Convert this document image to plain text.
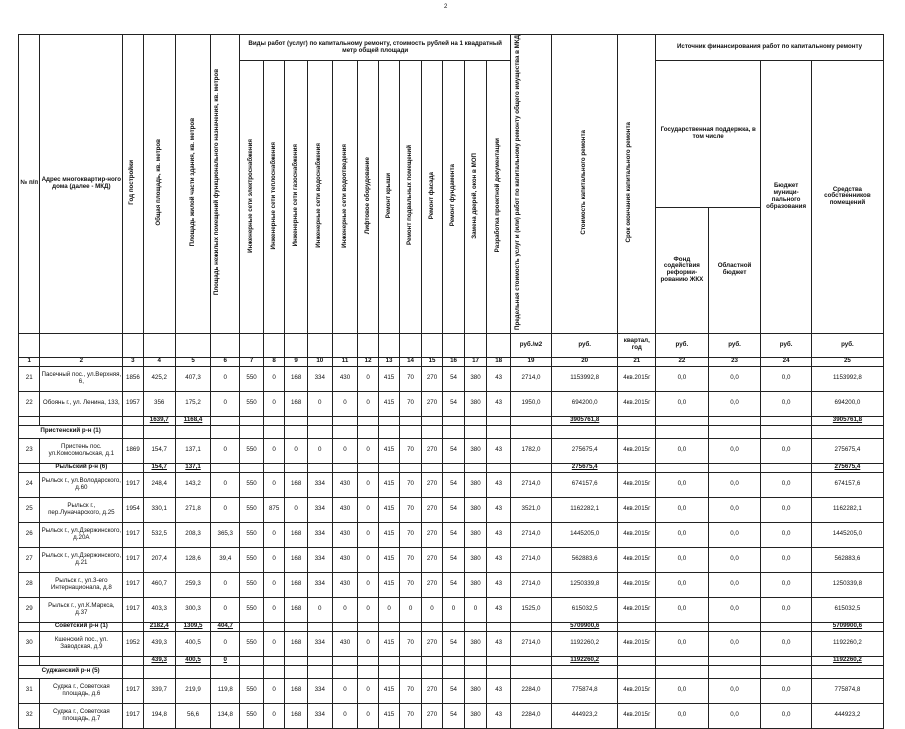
2
№ п/п	Адрес многоквартир-ного дома (далее - МКД)	Год постройки	Общая площадь, кв. метров	Площадь жилой части здания, кв. метров	Площадь нежилых помещений функционального назначения, кв. метров	Виды работ (услуг) по капитальному ремонту, стоимость рублей на 1 квадратный метр общей площади												Предельная стоимость услуг и (или) работ по капитальному ремонту общего имущества в МКД	Стоимость капитального ремонта	Срок окончания капитального ремонта	Источник финансирования работ по капитальному ремонту			
						Инженерные сети электроснабжения	Инженерные сети теплоснабжения	Инженерные сети газоснабжения	Инженерные сети водоснабжения	Инженерные сети водоотведения	Лифтовое оборудование	Ремонт крыши	Ремонт подвальных помещений	Ремонт фасада	Ремонт фундамента	Замена дверей, окон в МОП	Разработка проектной документации				Государственная поддержка, в том числе		Бюджет муници-пального образования	Средства собственников помещений
																					Фонд содействия реформи-рованию ЖКХ	Областной бюджет		
																		руб./м2	руб.	квартал, год	руб.	руб.	руб.	руб.
1	2	3	4	5	6	7	8	9	10	11	12	13	14	15	16	17	18	19	20	21	22	23	24	25
21	Пасечный пос., ул.Верхняя, 6,	1856	425,2	407,3	0	550	0	168	334	430	0	415	70	270	54	380	43	2714,0	1153992,8	4кв.2015г	0,0	0,0	0,0	1153992,8
22	Обоянь г., ул. Ленина, 133,	1957	356	175,2	0	550	0	168	0	0	0	415	70	270	54	380	43	1950,0	694200,0	4кв.2015г	0,0	0,0	0,0	694200,0
			1639,7	1168,4															3905761,8					3905761,8
Пристенский р-н (1)																								
23	Пристень пос. ул.Комсомольская, д.1	1869	154,7	137,1	0	550	0	0	0	0	0	415	70	270	54	380	43	1782,0	275675,4	4кв.2015г	0,0	0,0	0,0	275675,4
	Рыльский р-н (6)		154,7	137,1															275675,4					275675,4
24	Рыльск г., ул.Володарского, д.60	1917	248,4	143,2	0	550	0	168	334	430	0	415	70	270	54	380	43	2714,0	674157,6	4кв.2015г	0,0	0,0	0,0	674157,6
25	Рыльск г., пер.Луначарского, д.25	1954	330,1	271,8	0	550	875	0	334	430	0	415	70	270	54	380	43	3521,0	1162282,1	4кв.2015г	0,0	0,0	0,0	1162282,1
26	Рыльск г., ул.Дзержинского, д.20А	1917	532,5	208,3	365,3	550	0	168	334	430	0	415	70	270	54	380	43	2714,0	1445205,0	4кв.2015г	0,0	0,0	0,0	1445205,0
27	Рыльск г., ул.Дзержинского, д.21	1917	207,4	128,6	39,4	550	0	168	334	430	0	415	70	270	54	380	43	2714,0	562883,6	4кв.2015г	0,0	0,0	0,0	562883,6
28	Рыльск г., ул.3-его Интернационала, д.8	1917	460,7	259,3	0	550	0	168	334	430	0	415	70	270	54	380	43	2714,0	1250339,8	4кв.2015г	0,0	0,0	0,0	1250339,8
29	Рыльск г., ул.К.Маркса, д.37	1917	403,3	300,3	0	550	0	168	0	0	0	0	0	0	0	0	43	1525,0	615032,5	4кв.2015г	0,0	0,0	0,0	615032,5
	Советский р-н (1)		2182,4	1309,5	404,7														5709900,6					5709900,6
30	Кшенский пос., ул. Заводская, д.9	1952	439,3	400,5	0	550	0	168	334	430	0	415	70	270	54	380	43	2714,0	1192260,2	4кв.2015г	0,0	0,0	0,0	1192260,2
			439,3	400,5	0														1192260,2					1192260,2
Суджанский р-н (5)																								
31	Суджа г., Советская площадь, д.6	1917	339,7	219,9	119,8	550	0	168	334	0	0	415	70	270	54	380	43	2284,0	775874,8	4кв.2015г	0,0	0,0	0,0	775874,8
32	Суджа г., Советская площадь, д.7	1917	194,8	56,6	134,8	550	0	168	334	0	0	415	70	270	54	380	43	2284,0	444923,2	4кв.2015г	0,0	0,0	0,0	444923,2
